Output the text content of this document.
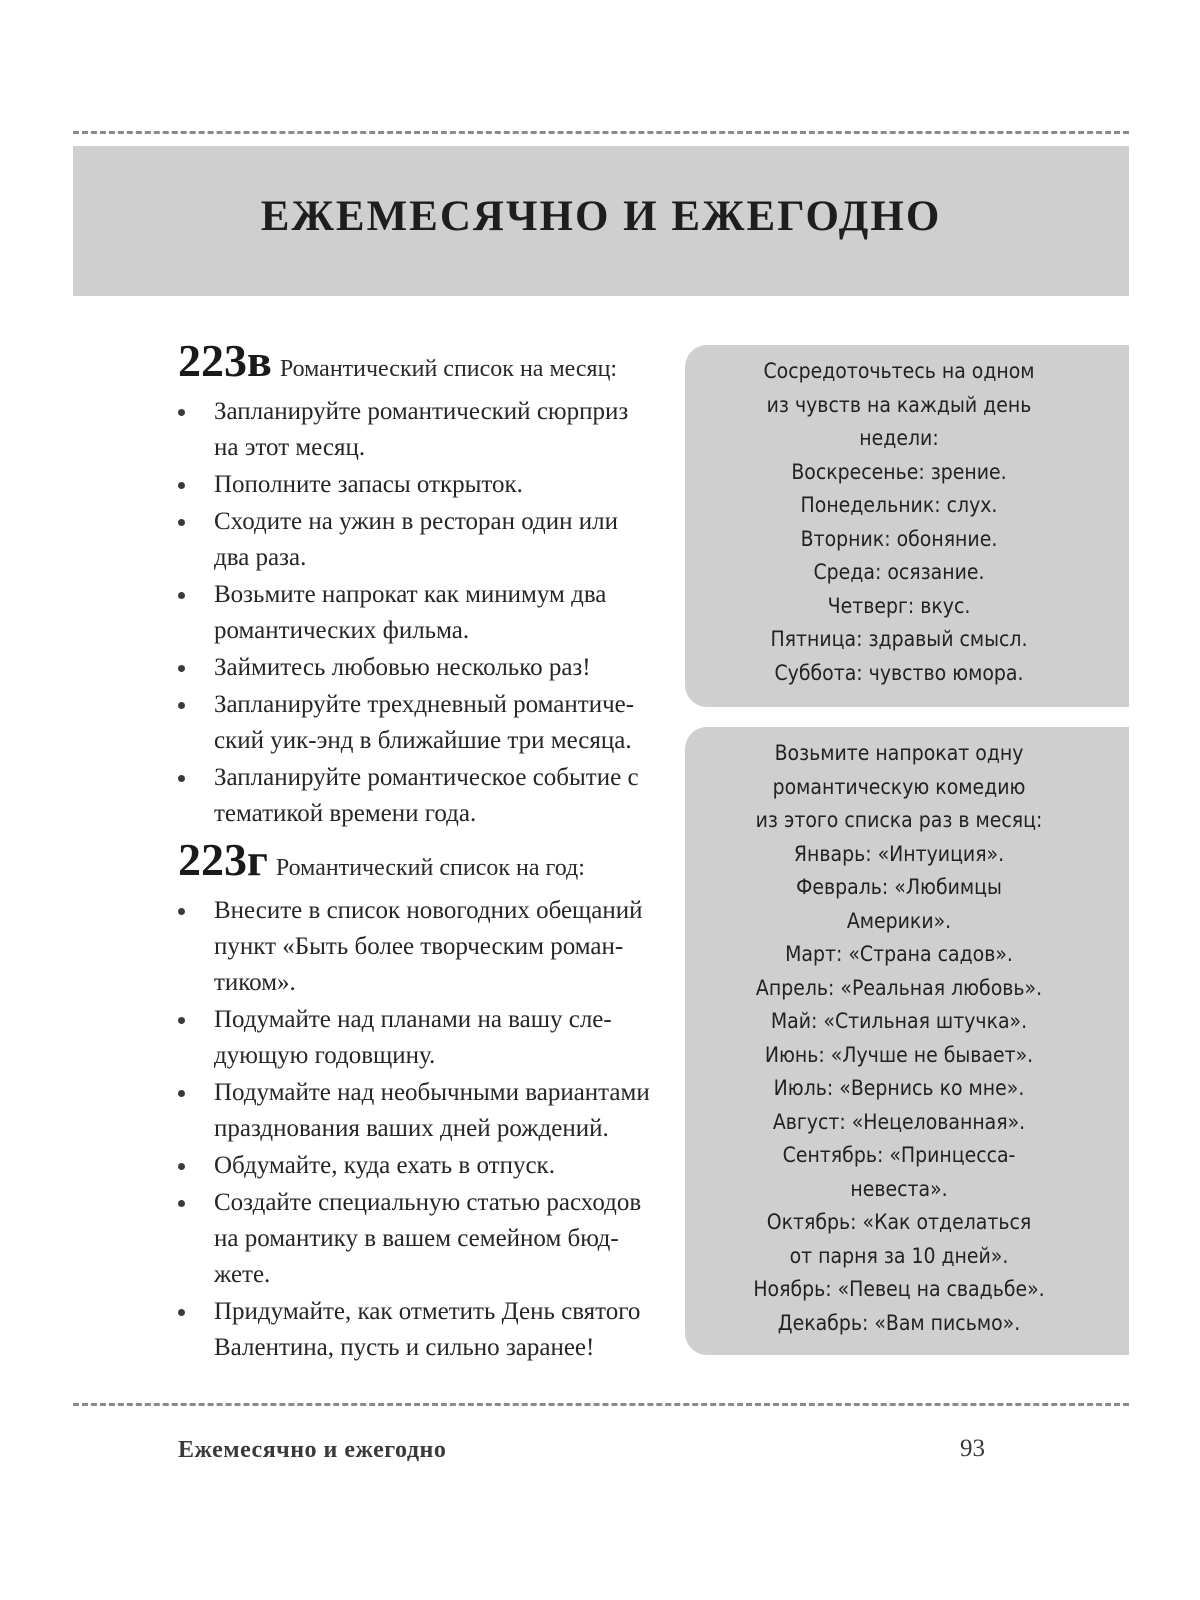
ЕЖЕМЕСЯЧНО И ЕЖЕГОДНО
223в Романтический список на месяц:
Запланируйте романтический сюрприз на этот месяц.
Пополните запасы открыток.
Сходите на ужин в ресторан один или два раза.
Возьмите напрокат как минимум два романтических фильма.
Займитесь любовью несколько раз!
Запланируйте трехдневный романтический уик-энд в ближайшие три месяца.
Запланируйте романтическое событие с тематикой времени года.
223г Романтический список на год:
Внесите в список новогодних обещаний пункт «Быть более творческим романтиком».
Подумайте над планами на вашу следующую годовщину.
Подумайте над необычными вариантами празднования ваших дней рождений.
Обдумайте, куда ехать в отпуск.
Создайте специальную статью расходов на романтику в вашем семейном бюджете.
Придумайте, как отметить День святого Валентина, пусть и сильно заранее!
Сосредоточьтесь на одном
из чувств на каждый день
недели:
Воскресенье: зрение.
Понедельник: слух.
Вторник: обоняние.
Среда: осязание.
Четверг: вкус.
Пятница: здравый смысл.
Суббота: чувство юмора.
Возьмите напрокат одну
романтическую комедию
из этого списка раз в месяц:
Январь: «Интуиция».
Февраль: «Любимцы
Америки».
Март: «Страна садов».
Апрель: «Реальная любовь».
Май: «Стильная штучка».
Июнь: «Лучше не бывает».
Июль: «Вернись ко мне».
Август: «Нецелованная».
Сентябрь: «Принцесса-
невеста».
Октябрь: «Как отделаться
от парня за 10 дней».
Ноябрь: «Певец на свадьбе».
Декабрь: «Вам письмо».
Ежемесячно и ежегодно	93
